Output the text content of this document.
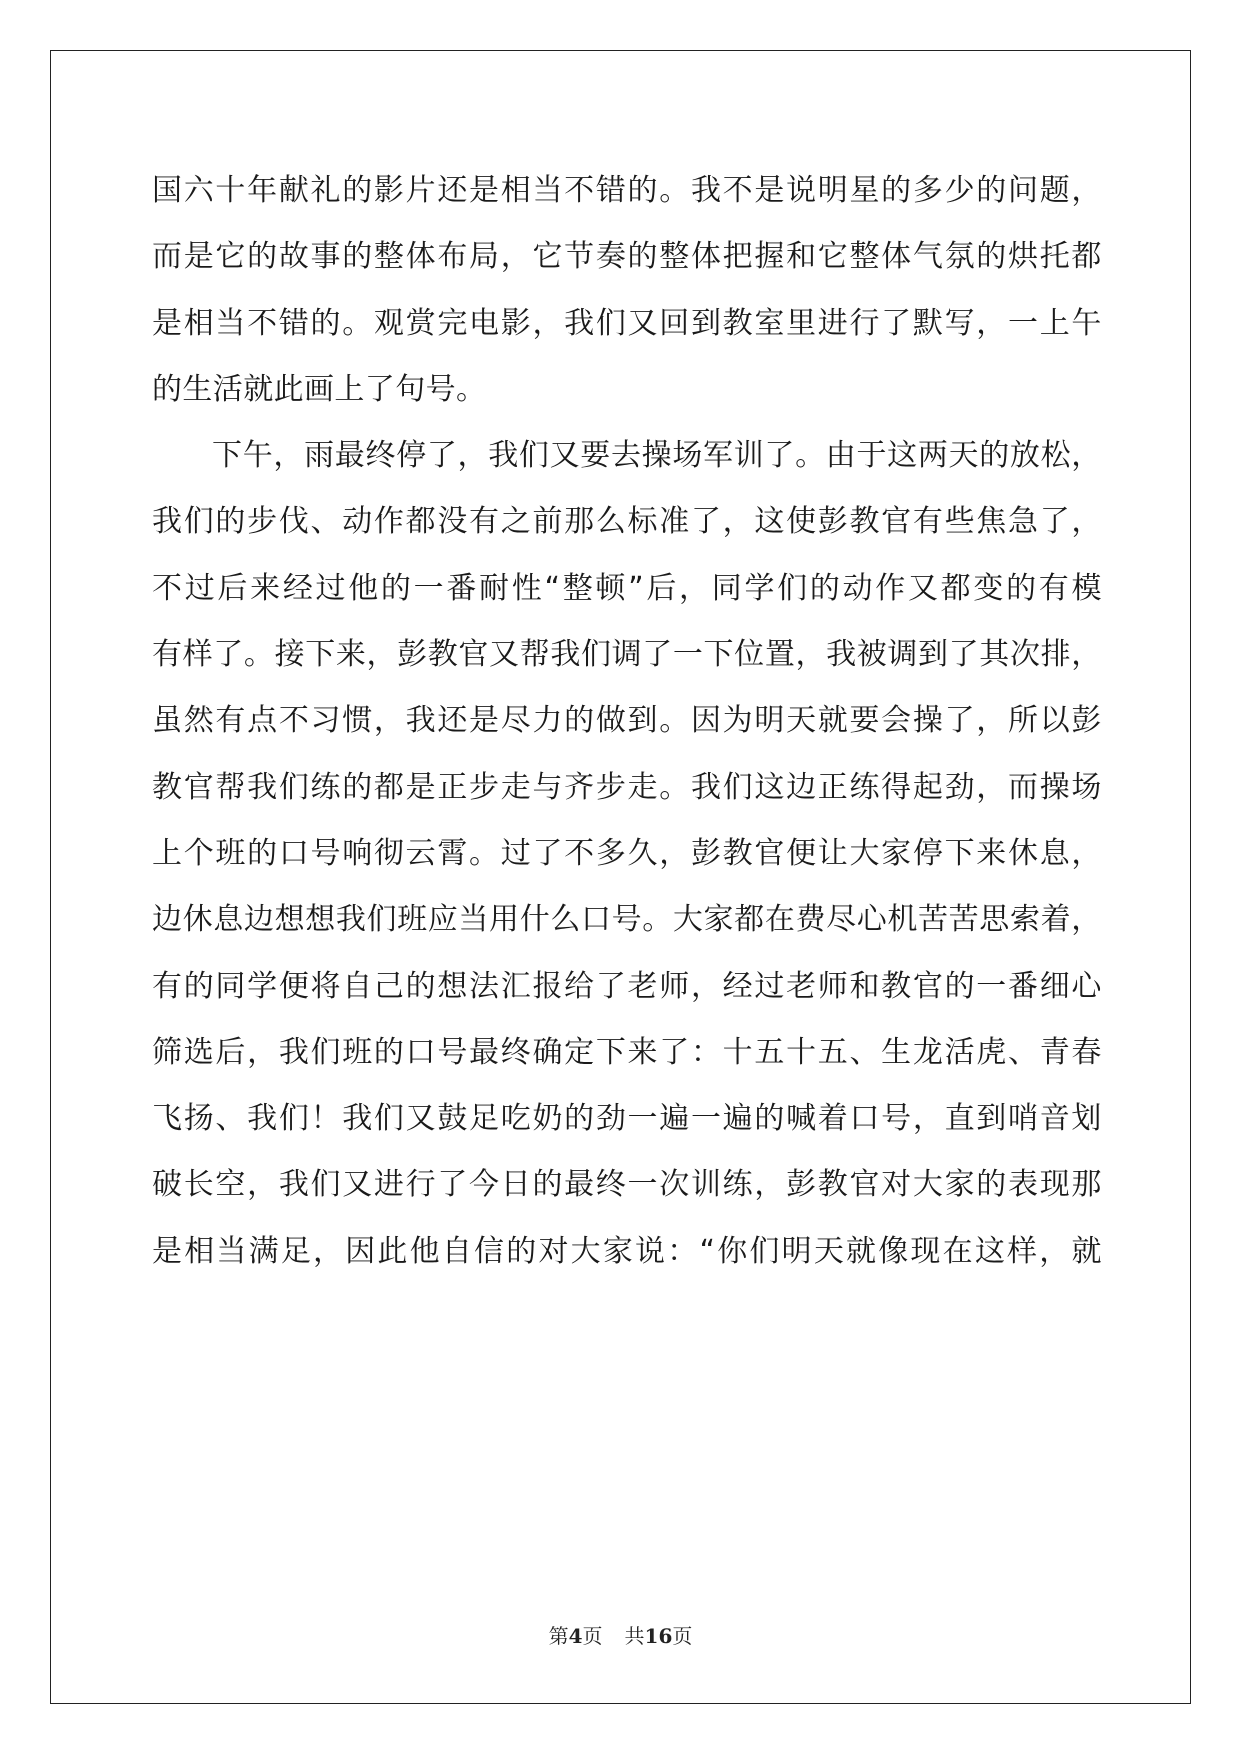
国 六 十 年 献 礼 的 影 片 还 是 相 当 不 错 的 。 我 不 是 说 明 星 的 多 少 的 问 题 ，
而 是 它 的 故 事 的 整 体 布 局 ， 它 节 奏 的 整 体 把 握 和 它 整 体 气 氛 的 烘 托 都
是 相 当 不 错 的 。 观 赏 完 电 影 ， 我 们 又 回 到 教 室 里 进 行 了 默 写 ， 一 上 午
的生活就此画上了句号。
下 午 ， 雨 最 终 停 了 ， 我 们 又 要 去 操 场 军 训 了 。 由 于 这 两 天 的 放 松 ，
我 们 的 步 伐 、 动 作 都 没 有 之 前 那 么 标 准 了 ， 这 使 彭 教 官 有 些 焦 急 了 ，
不 过 后 来 经 过 他 的 一 番 耐 性 “ 整 顿 ” 后 ， 同 学 们 的 动 作 又 都 变 的 有 模
有 样 了 。 接 下 来 ， 彭 教 官 又 帮 我 们 调 了 一 下 位 置 ， 我 被 调 到 了 其 次 排 ，
虽 然 有 点 不 习 惯 ， 我 还 是 尽 力 的 做 到 。 因 为 明 天 就 要 会 操 了 ， 所 以 彭
教 官 帮 我 们 练 的 都 是 正 步 走 与 齐 步 走 。 我 们 这 边 正 练 得 起 劲 ， 而 操 场
上 个 班 的 口 号 响 彻 云 霄 。 过 了 不 多 久 ， 彭 教 官 便 让 大 家 停 下 来 休 息 ，
边 休 息 边 想 想 我 们 班 应 当 用 什 么 口 号 。 大 家 都 在 费 尽 心 机 苦 苦 思 索 着 ，
有 的 同 学 便 将 自 己 的 想 法 汇 报 给 了 老 师 ， 经 过 老 师 和 教 官 的 一 番 细 心
筛 选 后 ， 我 们 班 的 口 号 最 终 确 定 下 来 了 ： 十 五 十 五 、 生 龙 活 虎 、 青 春
飞 扬 、 我 们 ！ 我 们 又 鼓 足 吃 奶 的 劲 一 遍 一 遍 的 喊 着 口 号 ， 直 到 哨 音 划
破 长 空 ， 我 们 又 进 行 了 今 日 的 最 终 一 次 训 练 ， 彭 教 官 对 大 家 的 表 现 那
是 相 当 满 足 ， 因 此 他 自 信 的 对 大 家 说 ： “ 你 们 明 天 就 像 现 在 这 样 ， 就
第4页 共16页
